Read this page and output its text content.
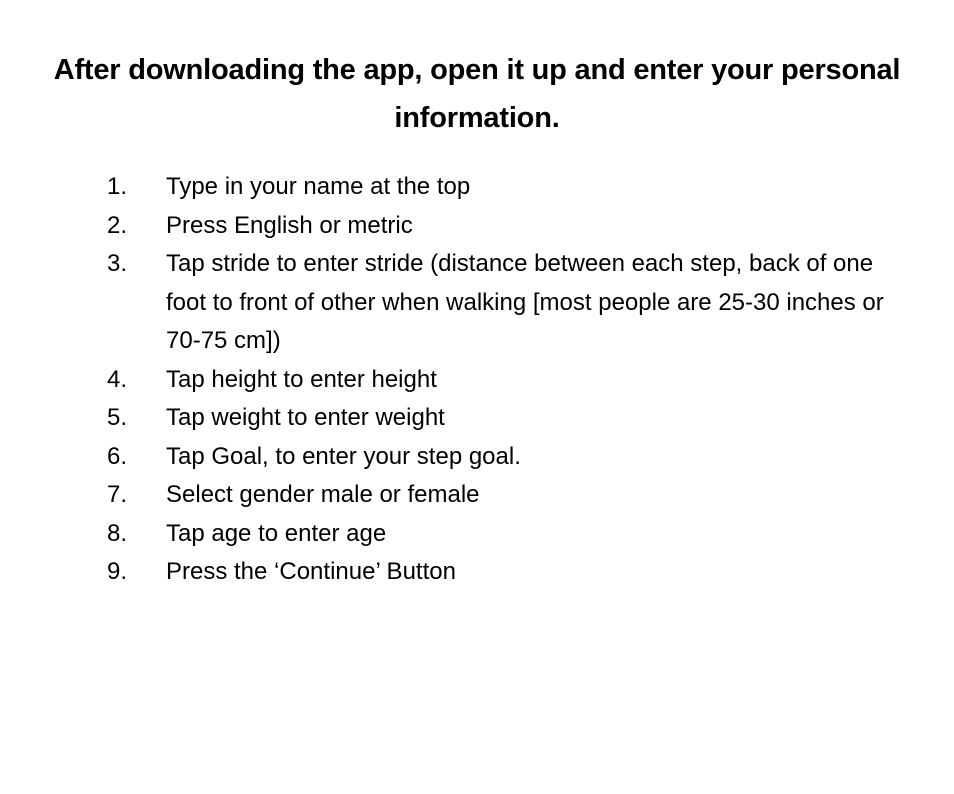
After downloading the app, open it up and enter your personal information.
1.	Type in your name at the top
2.	Press English or metric
3.	Tap stride to enter stride (distance between each step, back of one foot to front of other when walking [most people are 25-30 inches or 70-75 cm])
4.	Tap height to enter height
5.	Tap weight to enter weight
6.	Tap Goal, to enter your step goal.
7.	Select gender male or female
8.	Tap age to enter age
9.	Press the ‘Continue’ Button
